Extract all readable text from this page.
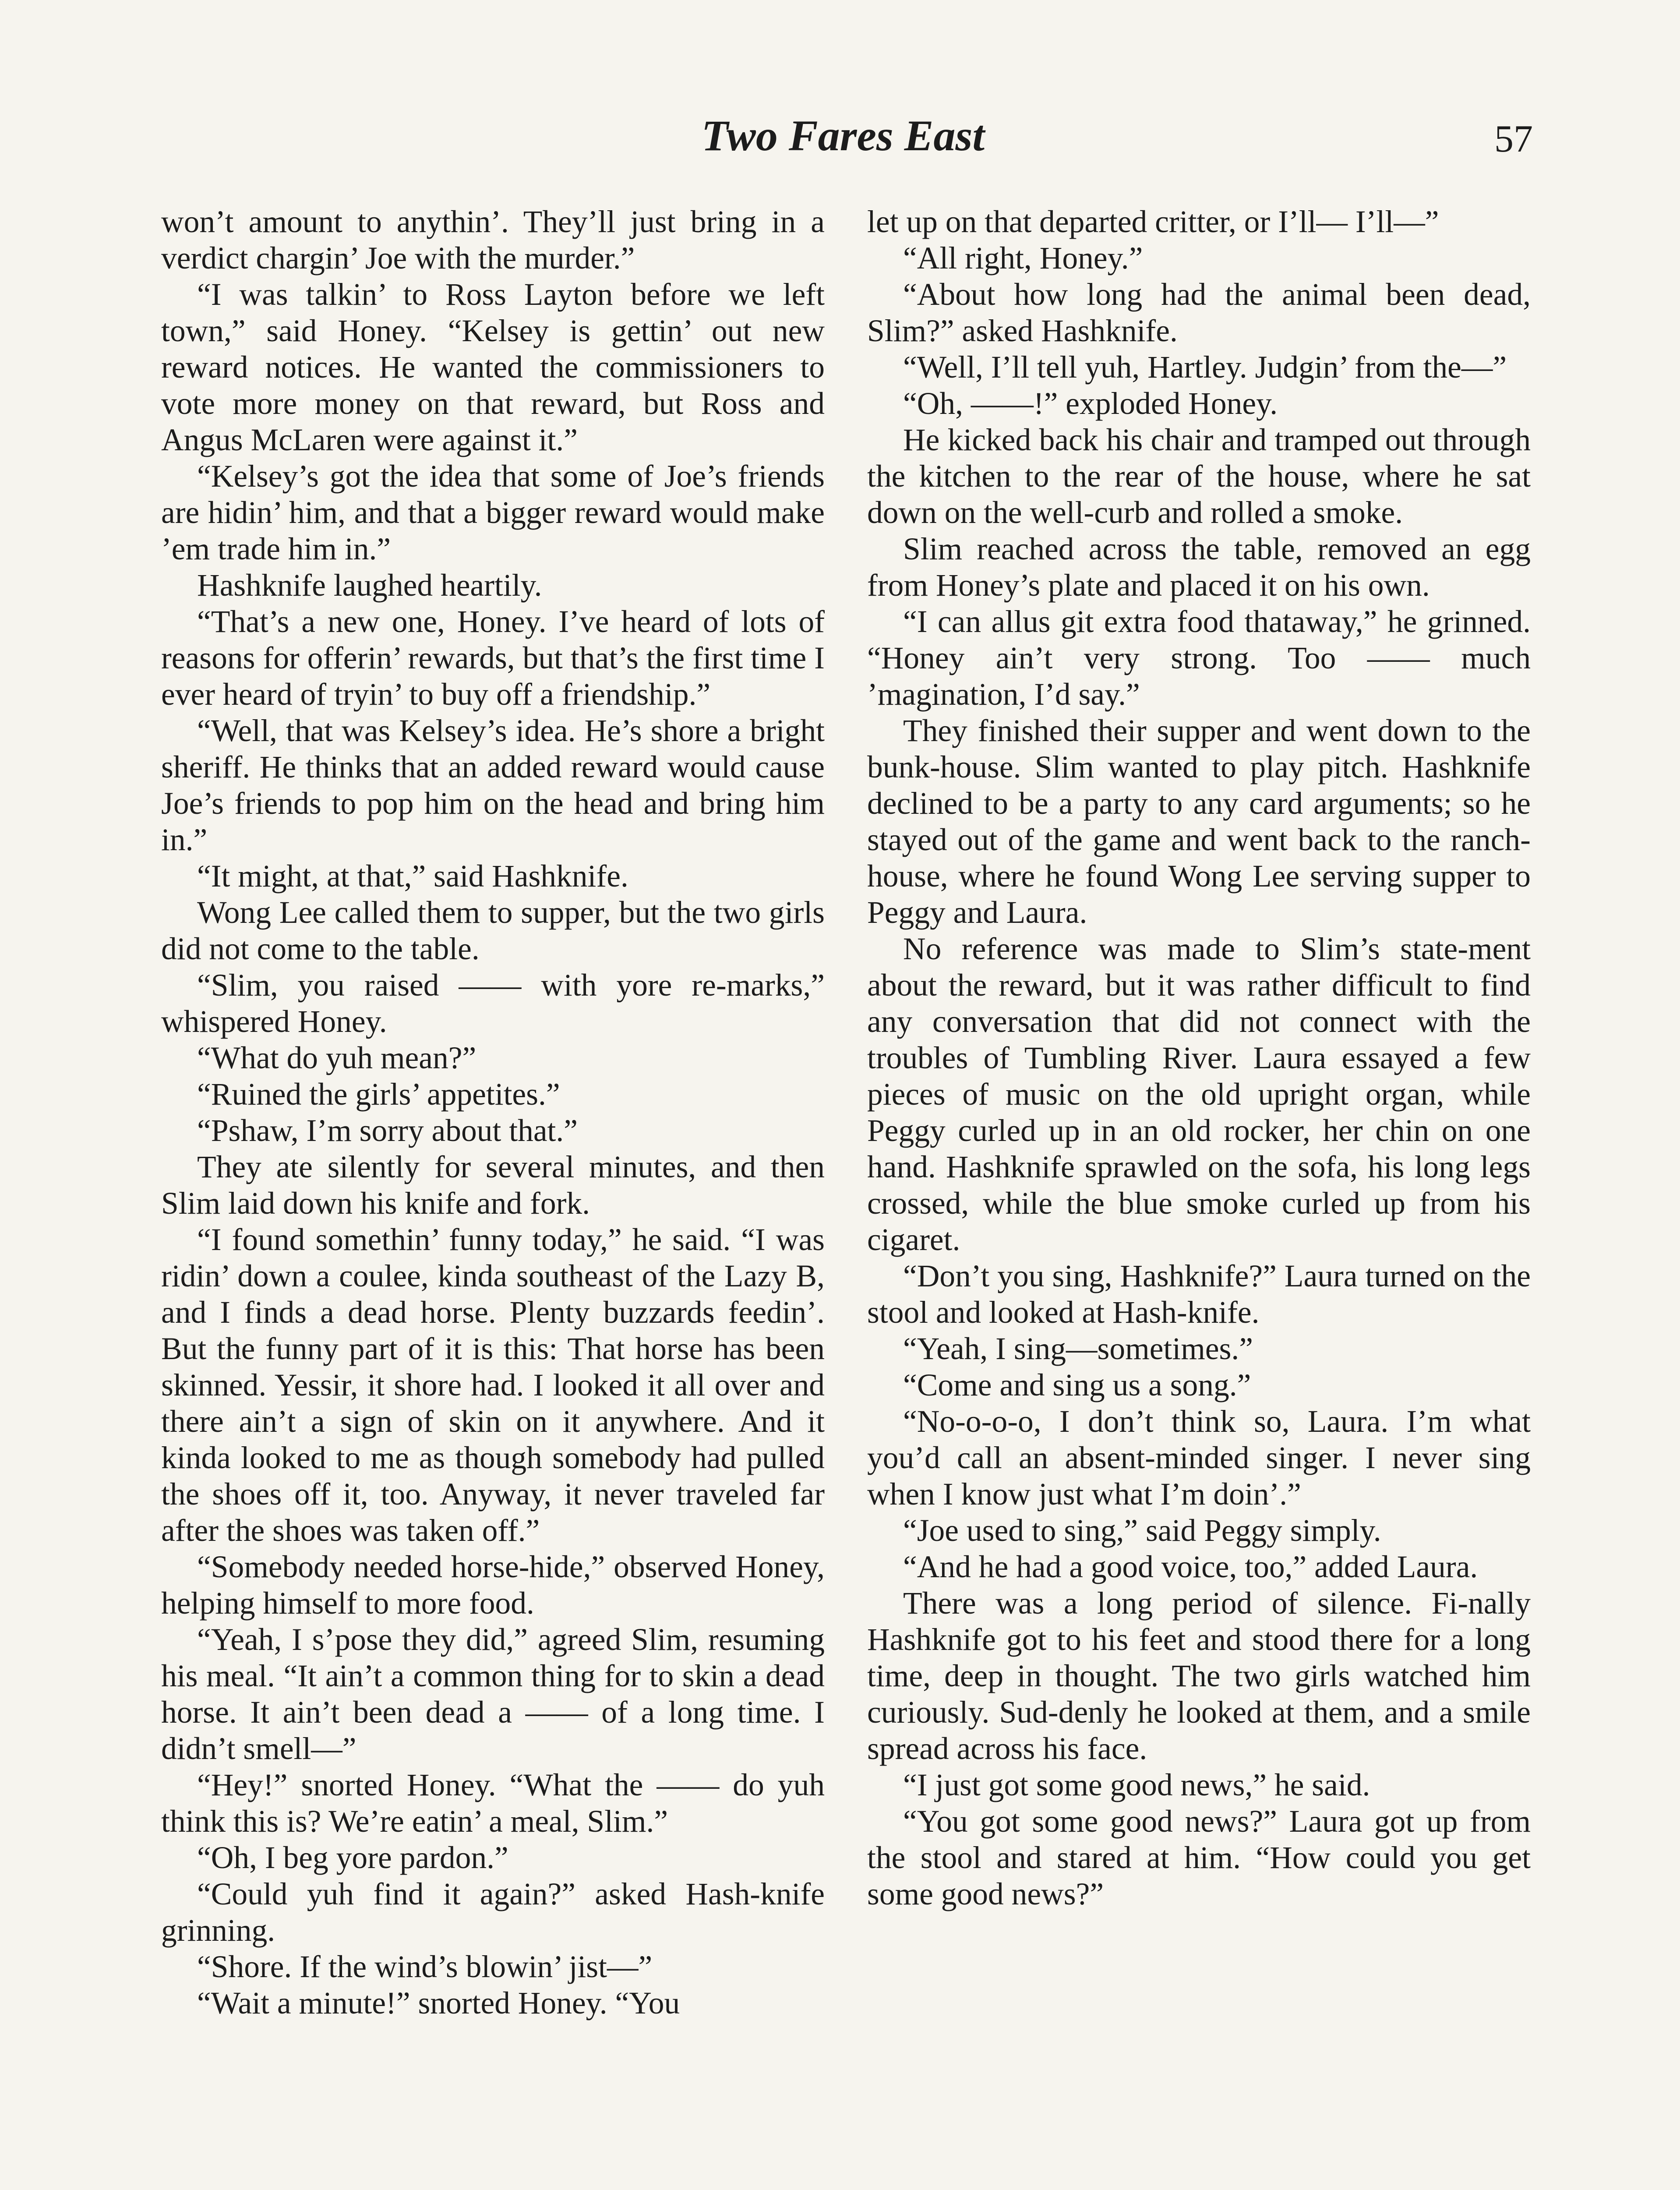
Two Fares East	57

won’t amount to anythin’. They’ll just bring in a verdict chargin’ Joe with the murder.”

“I was talkin’ to Ross Layton before we left town,” said Honey. “Kelsey is gettin’ out new reward notices. He wanted the commissioners to vote more money on that reward, but Ross and Angus McLaren were against it.”

“Kelsey’s got the idea that some of Joe’s friends are hidin’ him, and that a bigger reward would make ’em trade him in.”

Hashknife laughed heartily.

“That’s a new one, Honey. I’ve heard of lots of reasons for offerin’ rewards, but that’s the first time I ever heard of tryin’ to buy off a friendship.”

“Well, that was Kelsey’s idea. He’s shore a bright sheriff. He thinks that an added reward would cause Joe’s friends to pop him on the head and bring him in.”

“It might, at that,” said Hashknife.

Wong Lee called them to supper, but the two girls did not come to the table.

“Slim, you raised —— with yore re-marks,” whispered Honey.

“What do yuh mean?”

“Ruined the girls’ appetites.”

“Pshaw, I’m sorry about that.”

They ate silently for several minutes, and then Slim laid down his knife and fork.

“I found somethin’ funny today,” he said. “I was ridin’ down a coulee, kinda southeast of the Lazy B, and I finds a dead horse. Plenty buzzards feedin’. But the funny part of it is this: That horse has been skinned. Yessir, it shore had. I looked it all over and there ain’t a sign of skin on it anywhere. And it kinda looked to me as though somebody had pulled the shoes off it, too. Anyway, it never traveled far after the shoes was taken off.”

“Somebody needed horse-hide,” observed Honey, helping himself to more food.

“Yeah, I s’pose they did,” agreed Slim, resuming his meal. “It ain’t a common thing for to skin a dead horse. It ain’t been dead a —— of a long time. I didn’t smell—”

“Hey!” snorted Honey. “What the —— do yuh think this is? We’re eatin’ a meal, Slim.”

“Oh, I beg yore pardon.”

“Could yuh find it again?” asked Hash-knife grinning.

“Shore. If the wind’s blowin’ jist—”

“Wait a minute!” snorted Honey. “You

let up on that departed critter, or I’ll— I’ll—”

“All right, Honey.”

“About how long had the animal been dead, Slim?” asked Hashknife.

“Well, I’ll tell yuh, Hartley. Judgin’ from the—”

“Oh, ——!” exploded Honey.

He kicked back his chair and tramped out through the kitchen to the rear of the house, where he sat down on the well-curb and rolled a smoke.

Slim reached across the table, removed an egg from Honey’s plate and placed it on his own.

“I can allus git extra food thataway,” he grinned. “Honey ain’t very strong. Too —— much ’magination, I’d say.”

They finished their supper and went down to the bunk-house. Slim wanted to play pitch. Hashknife declined to be a party to any card arguments; so he stayed out of the game and went back to the ranch-house, where he found Wong Lee serving supper to Peggy and Laura.

No reference was made to Slim’s state-ment about the reward, but it was rather difficult to find any conversation that did not connect with the troubles of Tumbling River. Laura essayed a few pieces of music on the old upright organ, while Peggy curled up in an old rocker, her chin on one hand. Hashknife sprawled on the sofa, his long legs crossed, while the blue smoke curled up from his cigaret.

“Don’t you sing, Hashknife?” Laura turned on the stool and looked at Hash-knife.

“Yeah, I sing—sometimes.”

“Come and sing us a song.”

“No-o-o-o, I don’t think so, Laura. I’m what you’d call an absent-minded singer. I never sing when I know just what I’m doin’.”

“Joe used to sing,” said Peggy simply.

“And he had a good voice, too,” added Laura.

There was a long period of silence. Fi-nally Hashknife got to his feet and stood there for a long time, deep in thought. The two girls watched him curiously. Sud-denly he looked at them, and a smile spread across his face.

“I just got some good news,” he said.

“You got some good news?” Laura got up from the stool and stared at him. “How could you get some good news?”
